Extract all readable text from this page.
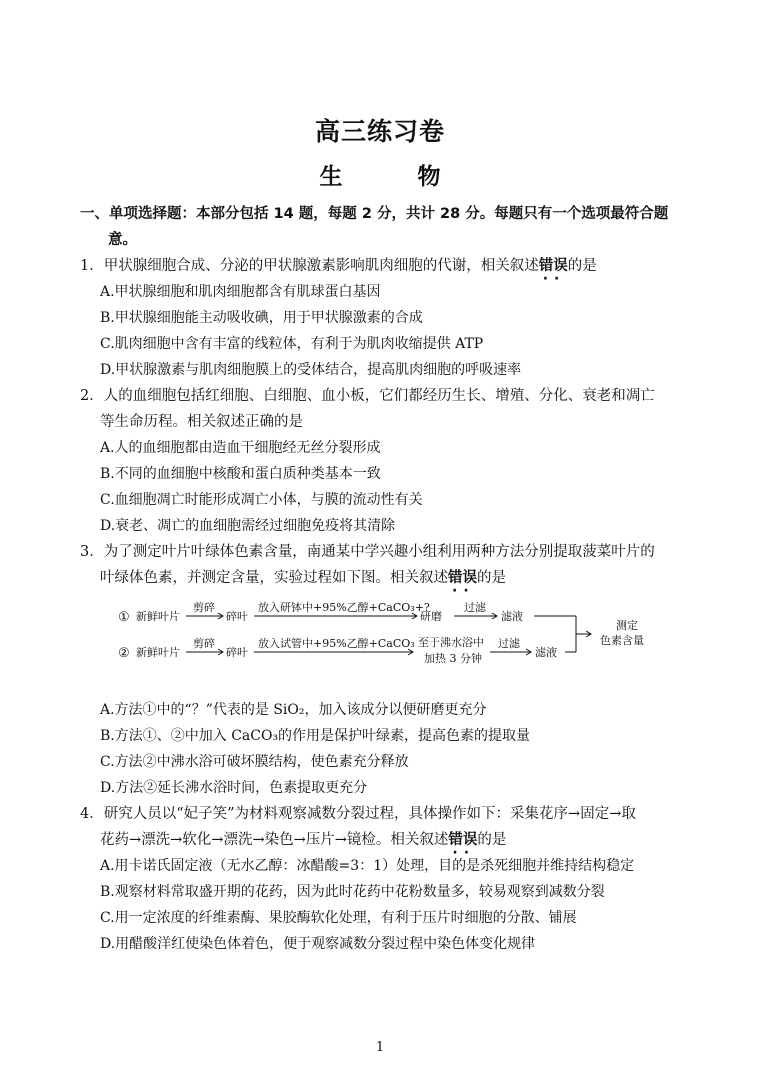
高三练习卷
生　物
一、单项选择题：本部分包括 14 题，每题 2 分，共计 28 分。每题只有一个选项最符合题
意。
1．甲状腺细胞合成、分泌的甲状腺激素影响肌肉细胞的代谢，相关叙述错误 ··的是
A.甲状腺细胞和肌肉细胞都含有肌球蛋白基因
B.甲状腺细胞能主动吸收碘，用于甲状腺激素的合成
C.肌肉细胞中含有丰富的线粒体，有利于为肌肉收缩提供 ATP
D.甲状腺激素与肌肉细胞膜上的受体结合，提高肌肉细胞的呼吸速率
2．人的血细胞包括红细胞、白细胞、血小板，它们都经历生长、增殖、分化、衰老和凋亡
等生命历程。相关叙述正确的是
A.人的血细胞都由造血干细胞经无丝分裂形成
B.不同的血细胞中核酸和蛋白质种类基本一致
C.血细胞凋亡时能形成凋亡小体，与膜的流动性有关
D.衰老、凋亡的血细胞需经过细胞免疫将其清除
3．为了测定叶片叶绿体色素含量，南通某中学兴趣小组利用两种方法分别提取菠菜叶片的
叶绿体色素，并测定含量，实验过程如下图。相关叙述错误 ··的是
① 新鲜叶片
剪碎
碎叶
放入研钵中+95%乙醇+CaCO₃+?
研磨
过滤
滤液
② 新鲜叶片
剪碎
碎叶
放入试管中+95%乙醇+CaCO₃ 至于沸水浴中
加热 3 分钟
过滤
滤液
测定
色素含量
A.方法①中的“？”代表的是 SiO₂，加入该成分以便研磨更充分
B.方法①、②中加入 CaCO₃的作用是保护叶绿素，提高色素的提取量
C.方法②中沸水浴可破坏膜结构，使色素充分释放
D.方法②延长沸水浴时间，色素提取更充分
4．研究人员以“妃子笑”为材料观察减数分裂过程，具体操作如下：采集花序→固定→取
花药→漂洗→软化→漂洗→染色→压片→镜检。相关叙述错误 ··的是
A.用卡诺氏固定液（无水乙醇：冰醋酸=3：1）处理，目的是杀死细胞并维持结构稳定
B.观察材料常取盛开期的花药，因为此时花药中花粉数量多，较易观察到减数分裂
C.用一定浓度的纤维素酶、果胶酶软化处理，有利于压片时细胞的分散、铺展
D.用醋酸洋红使染色体着色，便于观察减数分裂过程中染色体变化规律
1
